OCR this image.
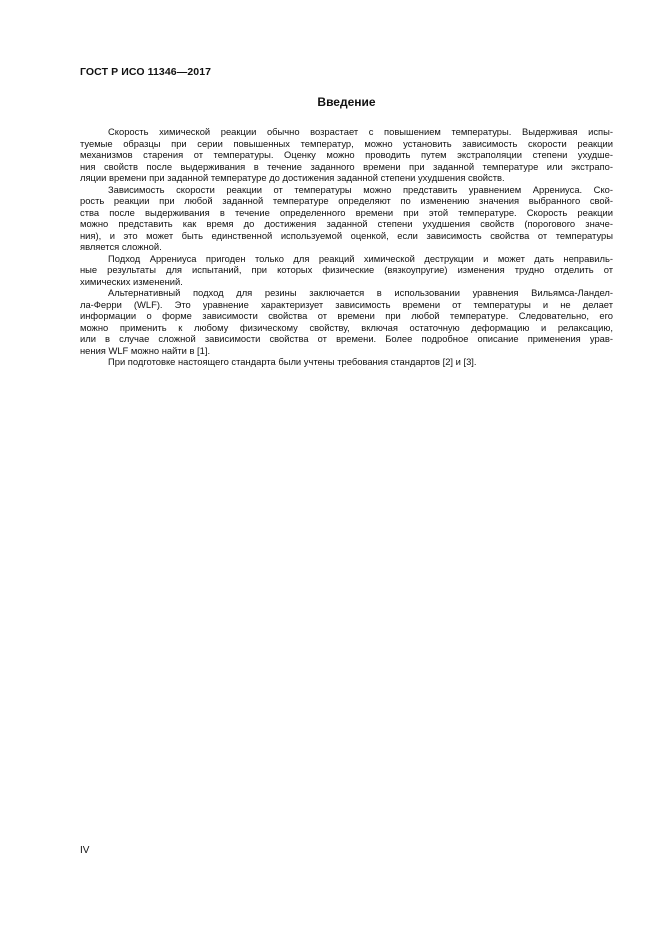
ГОСТ Р ИСО 11346—2017
Введение
Скорость химической реакции обычно возрастает с повышением температуры. Выдерживая испы-
туемые образцы при серии повышенных температур, можно установить зависимость скорости реакции
механизмов старения от температуры. Оценку можно проводить путем экстраполяции степени ухудше-
ния свойств после выдерживания в течение заданного времени при заданной температуре или экстрапо-
ляции времени при заданной температуре до достижения заданной степени ухудшения свойств.
Зависимость скорости реакции от температуры можно представить уравнением Аррениуса. Ско-
рость реакции при любой заданной температуре определяют по изменению значения выбранного свой-
ства после выдерживания в течение определенного времени при этой температуре. Скорость реакции
можно представить как время до достижения заданной степени ухудшения свойств (порогового значе-
ния), и это может быть единственной используемой оценкой, если зависимость свойства от температуры
является сложной.
Подход Аррениуса пригоден только для реакций химической деструкции и может дать неправиль-
ные результаты для испытаний, при которых физические (вязкоупругие) изменения трудно отделить от
химических изменений.
Альтернативный подход для резины заключается в использовании уравнения Вильямса-Ландел-
ла-Ферри (WLF). Это уравнение характеризует зависимость времени от температуры и не делает
информации о форме зависимости свойства от времени при любой температуре. Следовательно, его
можно применить к любому физическому свойству, включая остаточную деформацию и релаксацию,
или в случае сложной зависимости свойства от времени. Более подробное описание применения урав-
нения WLF можно найти в [1].
При подготовке настоящего стандарта были учтены требования стандартов [2] и [3].
IV
